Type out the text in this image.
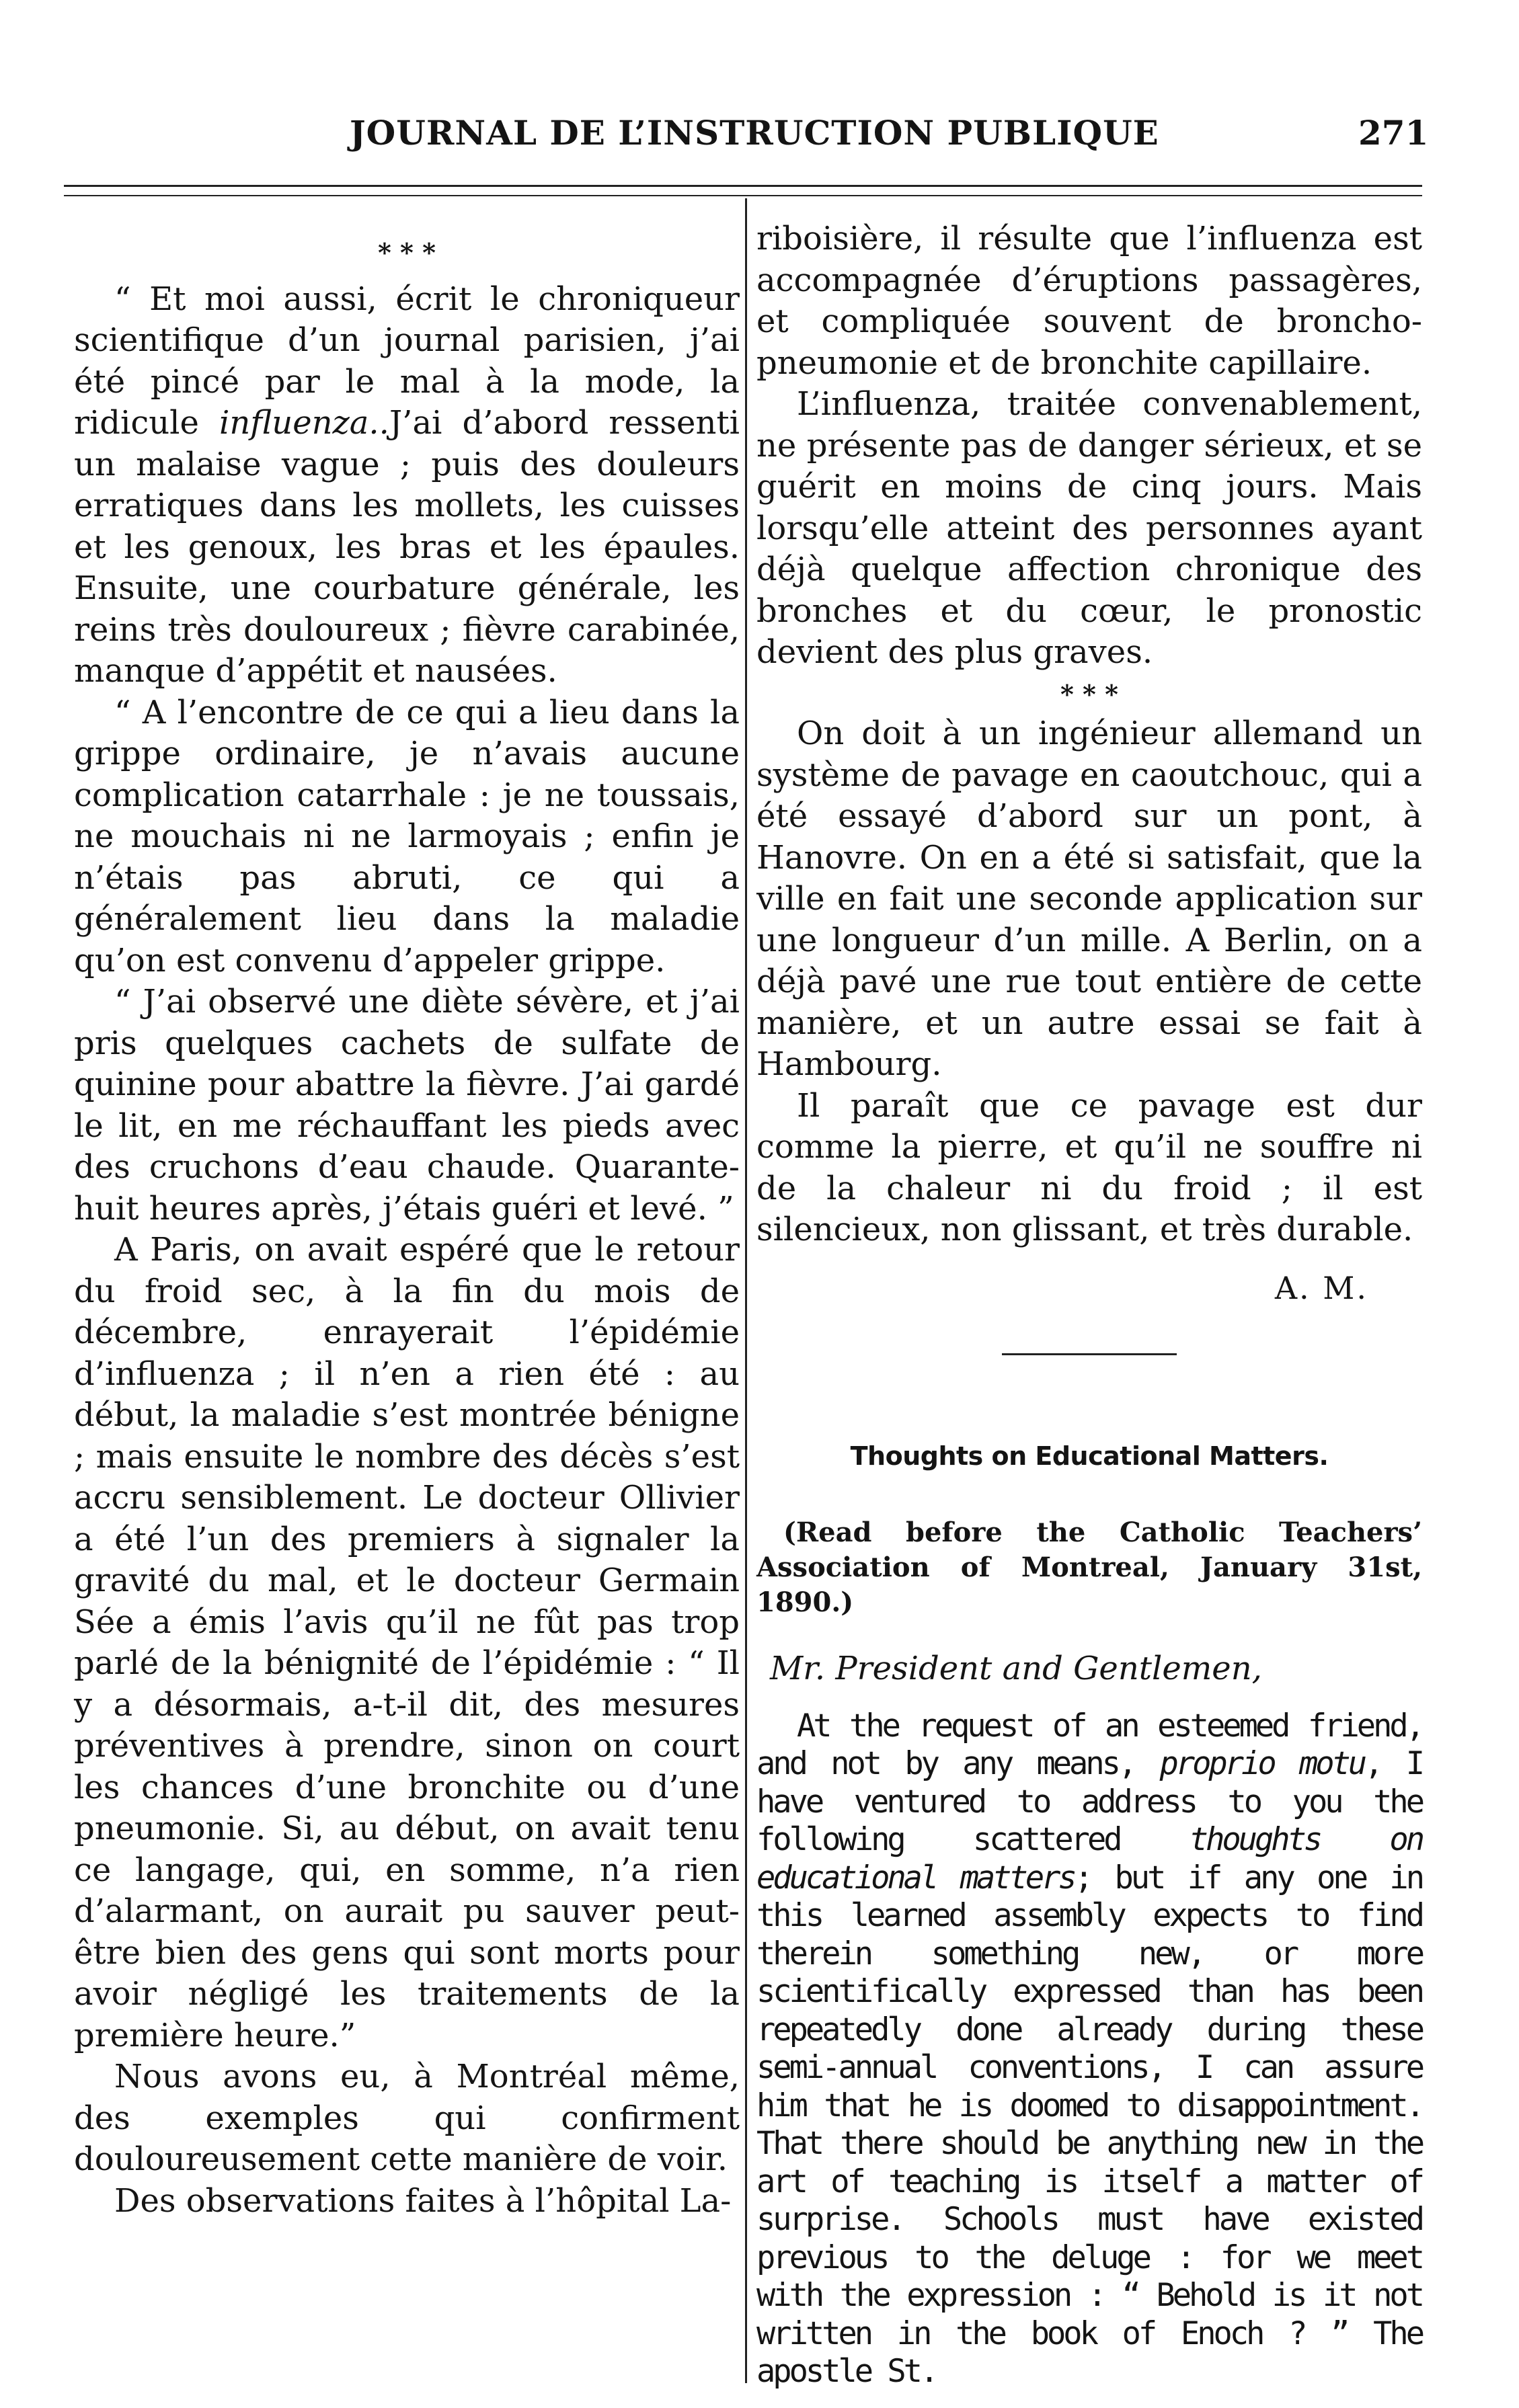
JOURNAL DE L’INSTRUCTION PUBLIQUE	271
* * *

“ Et moi aussi, écrit le chroniqueur scientifique d’un journal parisien, j’ai été pincé par le mal à la mode, la ridicule influenza..J’ai d’abord ressenti un malaise vague ; puis des douleurs erratiques dans les mollets, les cuisses et les genoux, les bras et les épaules. Ensuite, une courbature générale, les reins très douloureux ; fièvre carabinée, manque d’appétit et nausées.

“ A l’encontre de ce qui a lieu dans la grippe ordinaire, je n’avais aucune complication catarrhale : je ne toussais, ne mouchais ni ne larmoyais ; enfin je n’étais pas abruti, ce qui a généralement lieu dans la maladie qu’on est convenu d’appeler grippe.

“ J’ai observé une diète sévère, et j’ai pris quelques cachets de sulfate de quinine pour abattre la fièvre. J’ai gardé le lit, en me réchauffant les pieds avec des cruchons d’eau chaude. Quarante-huit heures après, j’étais guéri et levé. ”

A Paris, on avait espéré que le retour du froid sec, à la fin du mois de décembre, enrayerait l’épidémie d’influenza ; il n’en a rien été : au début, la maladie s’est montrée bénigne ; mais ensuite le nombre des décès s’est accru sensiblement. Le docteur Ollivier a été l’un des premiers à signaler la gravité du mal, et le docteur Germain Sée a émis l’avis qu’il ne fût pas trop parlé de la bénignité de l’épidémie : “ Il y a désormais, a-t-il dit, des mesures préventives à prendre, sinon on court les chances d’une bronchite ou d’une pneumonie. Si, au début, on avait tenu ce langage, qui, en somme, n’a rien d’alarmant, on aurait pu sauver peut-être bien des gens qui sont morts pour avoir négligé les traitements de la première heure.”

Nous avons eu, à Montréal même, des exemples qui confirment douloureusement cette manière de voir.

Des observations faites à l’hôpital La-

riboisière, il résulte que l’influenza est accompagnée d’éruptions passagères, et compliquée souvent de broncho-pneumonie et de bronchite capillaire.

L’influenza, traitée convenablement, ne présente pas de danger sérieux, et se guérit en moins de cinq jours. Mais lorsqu’elle atteint des personnes ayant déjà quelque affection chronique des bronches et du cœur, le pronostic devient des plus graves.

* * *

On doit à un ingénieur allemand un système de pavage en caoutchouc, qui a été essayé d’abord sur un pont, à Hanovre. On en a été si satisfait, que la ville en fait une seconde application sur une longueur d’un mille. A Berlin, on a déjà pavé une rue tout entière de cette manière, et un autre essai se fait à Hambourg.

Il paraît que ce pavage est dur comme la pierre, et qu’il ne souffre ni de la chaleur ni du froid ; il est silencieux, non glissant, et très durable.

A. M.
Thoughts on Educational Matters.

(Read before the Catholic Teachers’ Association of Montreal, January 31st, 1890.)

Mr. President and Gentlemen,

At the request of an esteemed friend, and not by any means, proprio motu, I have ventured to address to you the following scattered thoughts on educational matters; but if any one in this learned assembly expects to find therein something new, or more scientifically expressed than has been repeatedly done already during these semi-annual conventions, I can assure him that he is doomed to disappointment. That there should be anything new in the art of teaching is itself a matter of surprise. Schools must have existed previous to the deluge : for we meet with the expression : “ Behold is it not written in the book of Enoch ? ” The apostle St.
